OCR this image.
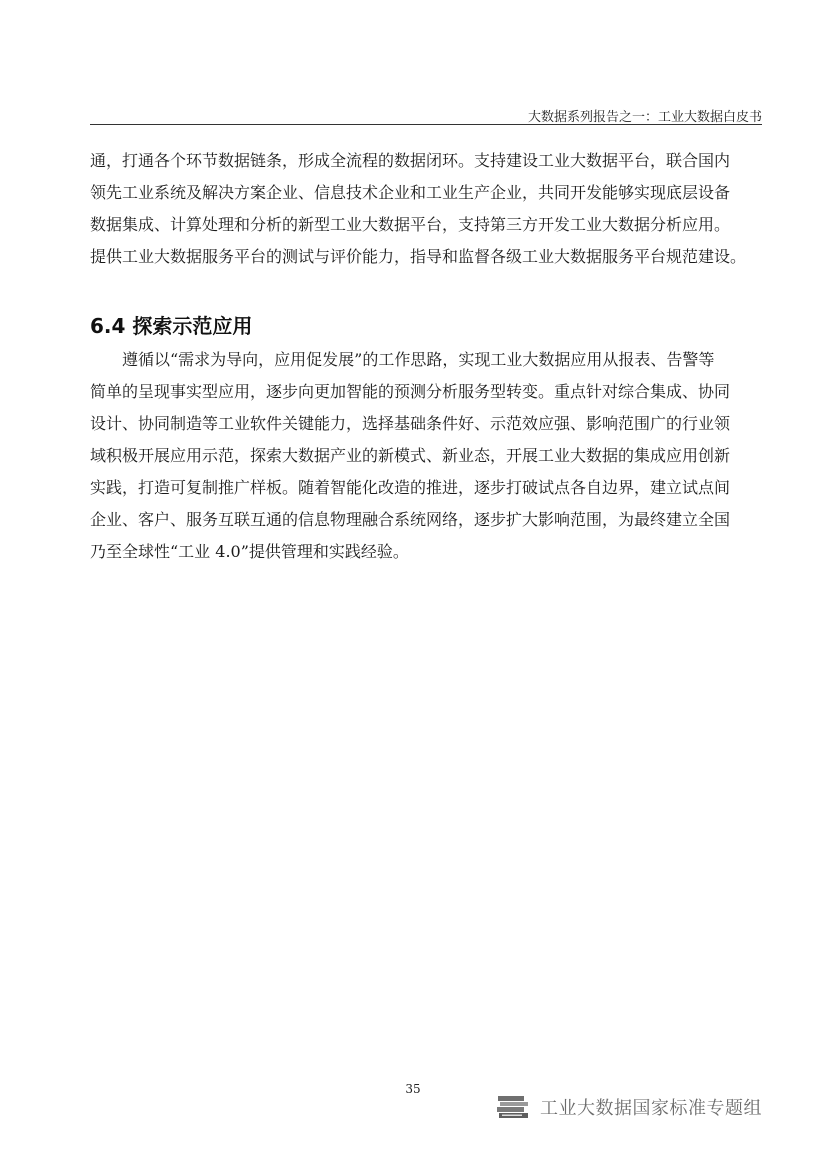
大数据系列报告之一：工业大数据白皮书
通，打通各个环节数据链条，形成全流程的数据闭环。支持建设工业大数据平台，联合国内
领先工业系统及解决方案企业、信息技术企业和工业生产企业，共同开发能够实现底层设备
数据集成、计算处理和分析的新型工业大数据平台，支持第三方开发工业大数据分析应用。
提供工业大数据服务平台的测试与评价能力，指导和监督各级工业大数据服务平台规范建设。
6.4 探索示范应用
　　遵循以“需求为导向，应用促发展”的工作思路，实现工业大数据应用从报表、告警等
简单的呈现事实型应用，逐步向更加智能的预测分析服务型转变。重点针对综合集成、协同
设计、协同制造等工业软件关键能力，选择基础条件好、示范效应强、影响范围广的行业领
域积极开展应用示范，探索大数据产业的新模式、新业态，开展工业大数据的集成应用创新
实践，打造可复制推广样板。随着智能化改造的推进，逐步打破试点各自边界，建立试点间
企业、客户、服务互联互通的信息物理融合系统网络，逐步扩大影响范围，为最终建立全国
乃至全球性“工业 4.0”提供管理和实践经验。
35
工业大数据国家标准专题组
